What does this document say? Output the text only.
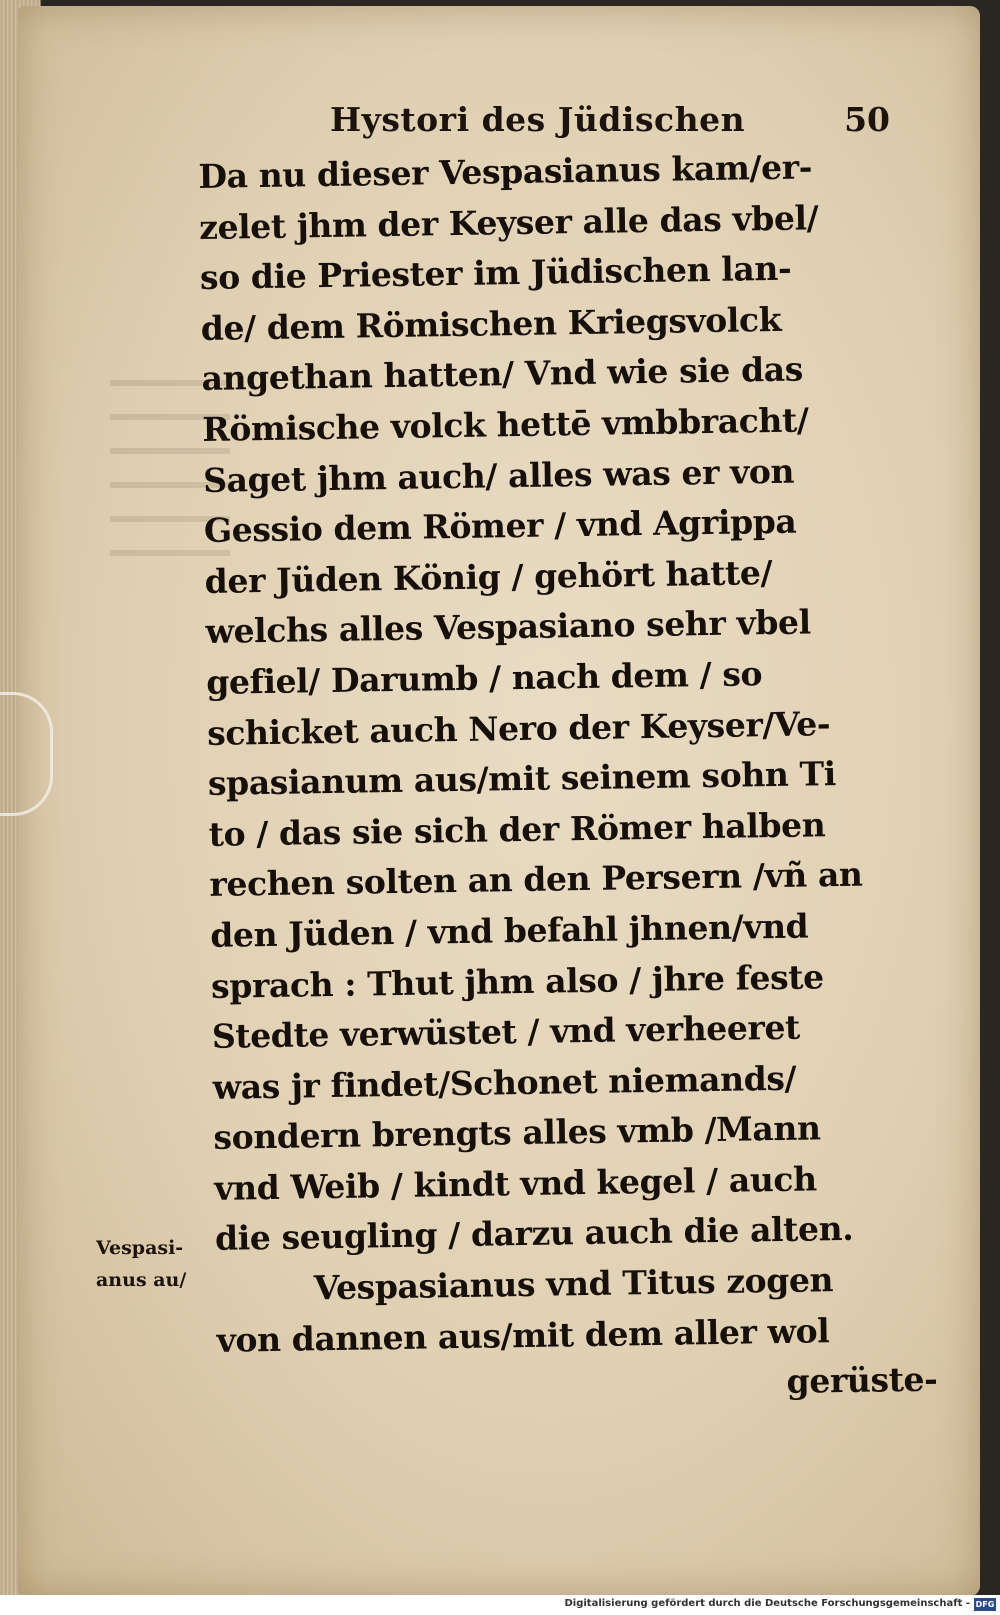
Hystori des Jüdischen	50
Da nu dieser Vespasianus kam/er-
zelet jhm der Keyser alle das vbel/
so die Priester im Jüdischen lan-
de/ dem Römischen Kriegsvolck
angethan hatten/ Vnd wie sie das
Römische volck hettē vmbbracht/
Saget jhm auch/ alles was er von
Gessio dem Römer / vnd Agrippa
der Jüden König / gehört hatte/
welchs alles Vespasiano sehr vbel
gefiel/ Darumb / nach dem / so
schicket auch Nero der Keyser/Ve-
spasianum aus/mit seinem sohn Ti
to / das sie sich der Römer halben
rechen solten an den Persern /vñ an
den Jüden / vnd befahl jhnen/vnd
sprach : Thut jhm also / jhre feste
Stedte verwüstet / vnd verheeret
was jr findet/Schonet niemands/
sondern brengts alles vmb /Mann
vnd Weib / kindt vnd kegel / auch
die seugling / darzu auch die alten.
Vespasianus vnd Titus zogen
von dannen aus/mit dem aller wol
gerüste-
Vespasi-
anus au/
Digitalisierung gefördert durch die Deutsche Forschungsgemeinschaft - DFG
